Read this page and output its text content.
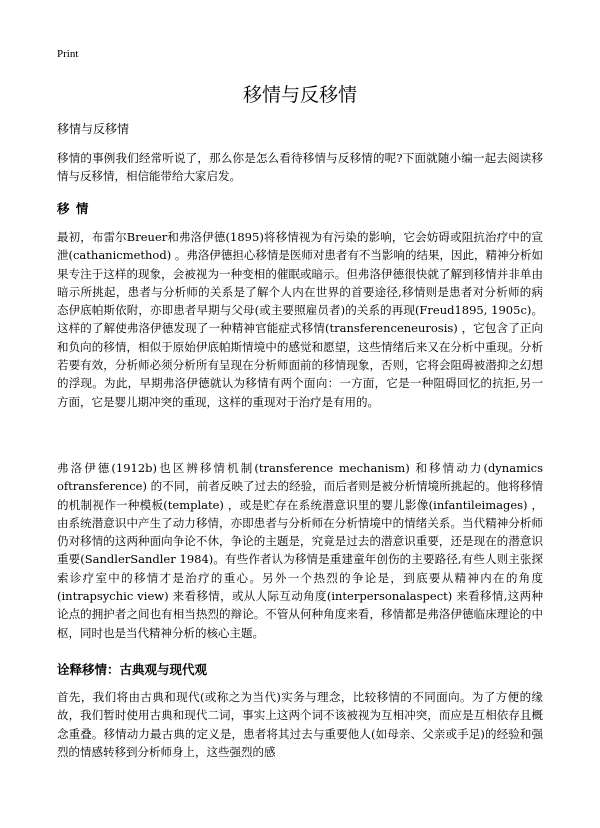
Print
移情与反移情
移情与反移情

移情的事例我们经常听说了，那么你是怎么看待移情与反移情的呢?下面就随小编一起去阅读移情与反移情，相信能带给大家启发。

移 情

最初，布雷尔Breuer和弗洛伊德(1895)将移情视为有污染的影响，它会妨碍或阻抗治疗中的宣泄(cathanicmethod) 。弗洛伊德担心移情是医师对患者有不当影响的结果，因此，精神分析如果专注于这样的现象，会被视为一种变相的催眠或暗示。但弗洛伊德很快就了解到移情并非单由暗示所挑起，患者与分析师的关系是了解个人内在世界的首要途径,移情则是患者对分析师的病态伊底帕斯依附，亦即患者早期与父母(或主要照雇员者)的关系的再现(Freud1895, 1905c)。这样的了解使弗洛伊德发现了一种精神官能症式移情(transferenceneurosis) ，它包含了正向和负向的移情，相似于原始伊底帕斯情境中的感觉和愿望，这些情绪后来又在分析中重现。分析若要有效，分析师必须分析所有呈现在分析师面前的移情现象，否则，它将会阻碍被潜抑之幻想的浮现。为此，早期弗洛伊德就认为移情有两个面向：一方面，它是一种阻碍回忆的抗拒,另一方面，它是婴儿期冲突的重现，这样的重现对于治疗是有用的。

弗洛伊德(1912b)也区辨移情机制(transference mechanism) 和移情动力(dynamics oftransference) 的不同，前者反映了过去的经验，而后者则是被分析情境所挑起的。他将移情的机制视作一种模板(template) ，或是贮存在系统潜意识里的婴儿影像(infantileimages) ，由系统潜意识中产生了动力移情，亦即患者与分析师在分析情境中的情绪关系。当代精神分析师仍对移情的这两种面向争论不休，争论的主题是，究竟是过去的潜意识重要，还是现在的潜意识重要(SandlerSandler 1984)。有些作者认为移情是重建童年创伤的主要路径,有些人则主张探索诊疗室中的移情才是治疗的重心。另外一个热烈的争论是，到底要从精神内在的角度(intrapsychic view) 来看移情，或从人际互动角度(interpersonalaspect) 来看移情,这两种论点的拥护者之间也有相当热烈的辩论。不管从何种角度来看，移情都是弗洛伊德临床理论的中枢，同时也是当代精神分析的核心主题。

诠释移情：古典观与现代观

首先，我们将由古典和现代(或称之为当代)实务与理念，比较移情的不同面向。为了方便的缘故，我们暂时使用古典和现代二词，事实上这两个词不该被视为互相冲突，而应是互相依存且概念重叠。移情动力最古典的定义是，患者将其过去与重要他人(如母亲、父亲或手足)的经验和强烈的情感转移到分析师身上，这些强烈的感
